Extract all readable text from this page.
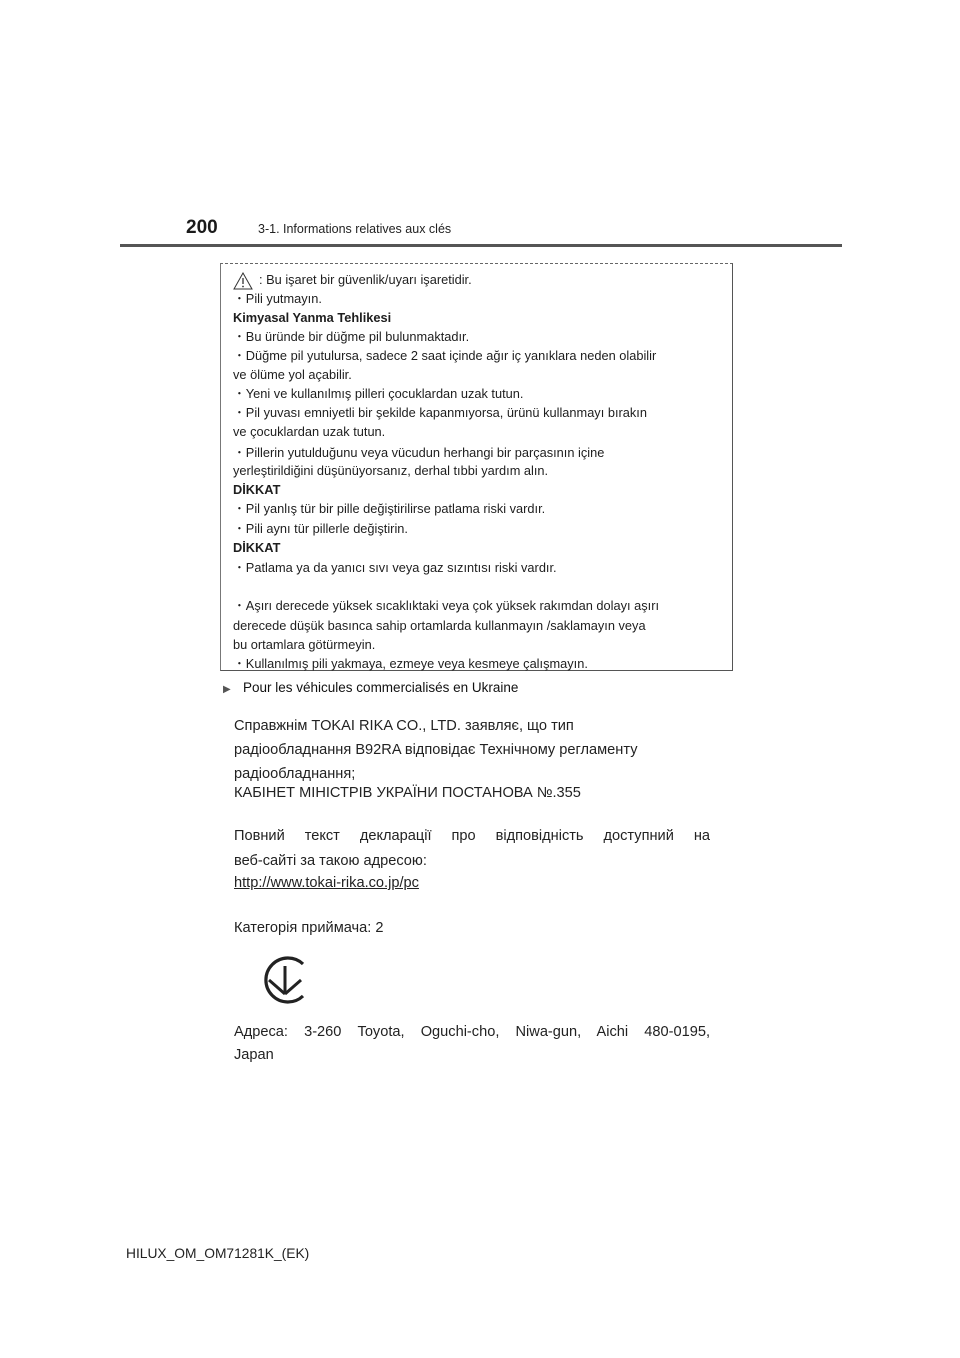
200	3-1. Informations relatives aux clés
: Bu işaret bir güvenlik/uyarı işaretidir.
・Pili yutmayın.
Kimyasal Yanma Tehlikesi
・Bu üründe bir düğme pil bulunmaktadır.
・Düğme pil yutulursa, sadece 2 saat içinde ağır iç yanıklara neden olabilir
ve ölüme yol açabilir.
・Yeni ve kullanılmış pilleri çocuklardan uzak tutun.
・Pil yuvası emniyetli bir şekilde kapanmıyorsa, ürünü kullanmayı bırakın
ve çocuklardan uzak tutun.
・Pillerin yutulduğunu veya vücudun herhangi bir parçasının içine
yerleştirildiğini düşünüyorsanız, derhal tıbbi yardım alın.
DİKKAT
・Pil yanlış tür bir pille değiştirilirse patlama riski vardır.
・Pili aynı tür pillerle değiştirin.
DİKKAT
・Patlama ya da yanıcı sıvı veya gaz sızıntısı riski vardır.
・Aşırı derecede yüksek sıcaklıktaki veya çok yüksek rakımdan dolayı aşırı
derecede düşük basınca sahip ortamlarda kullanmayın /saklamayın veya
bu ortamlara götürmeyin.
・Kullanılmış pili yakmaya, ezmeye veya kesmeye çalışmayın.
▶ Pour les véhicules commercialisés en Ukraine
Справжнім TOKAI RIKA CO., LTD. заявляє, що тип
радіообладнання B92RA відповідає Технічному регламенту
радіообладнання;
КАБІНЕТ МІНІСТРІВ УКРАЇНИ ПОСТАНОВА №.355
Повний текст декларації про відповідність доступний на
веб-сайті за такою адресою:
http://www.tokai-rika.co.jp/pc
Категорія приймача: 2
Адреса: 3-260 Toyota, Oguchi-cho, Niwa-gun, Aichi 480-0195,
Japan
HILUX_OM_OM71281K_(EK)
